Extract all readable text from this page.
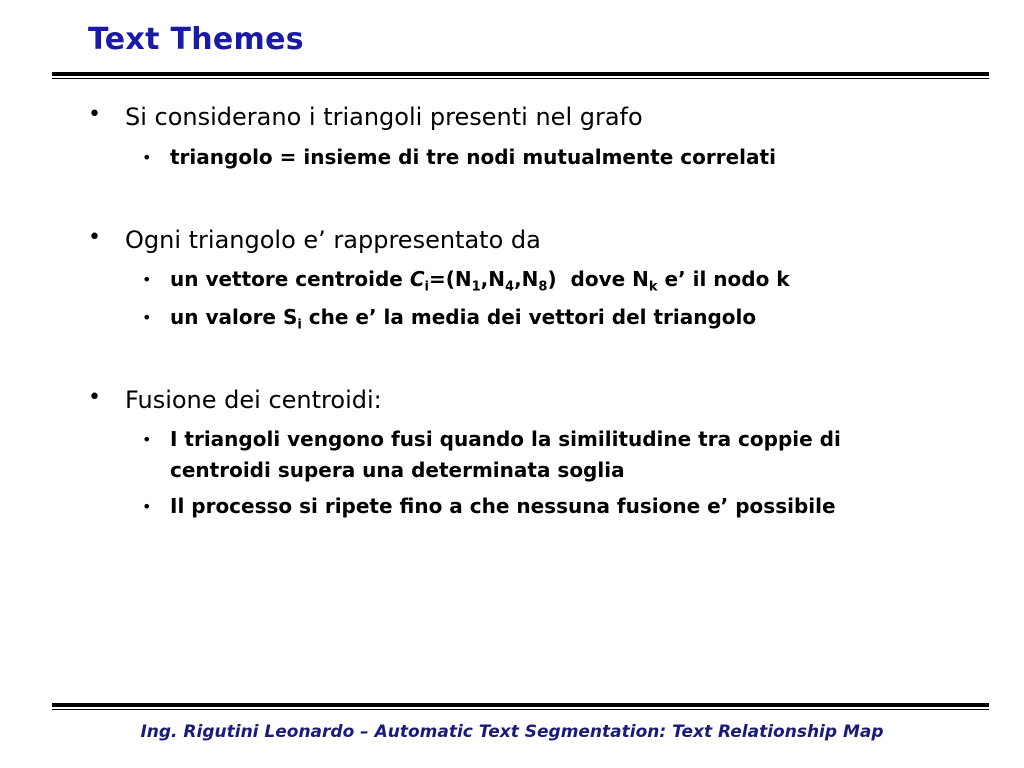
Text Themes
• Si considerano i triangoli presenti nel grafo
• triangolo = insieme di tre nodi mutualmente correlati
• Ogni triangolo e’ rappresentato da
• un vettore centroide $C_i=(N_1,N_4,N_8)$  dove $N_k$ e’ il nodo k
• un valore $S_i$ che e’ la media dei vettori del triangolo
• Fusione dei centroidi:
• I triangoli vengono fusi quando la similitudine tra coppie di
centroidi supera una determinata soglia
• Il processo si ripete fino a che nessuna fusione e’ possibile
Ing. Rigutini Leonardo – Automatic Text Segmentation: Text Relationship Map
